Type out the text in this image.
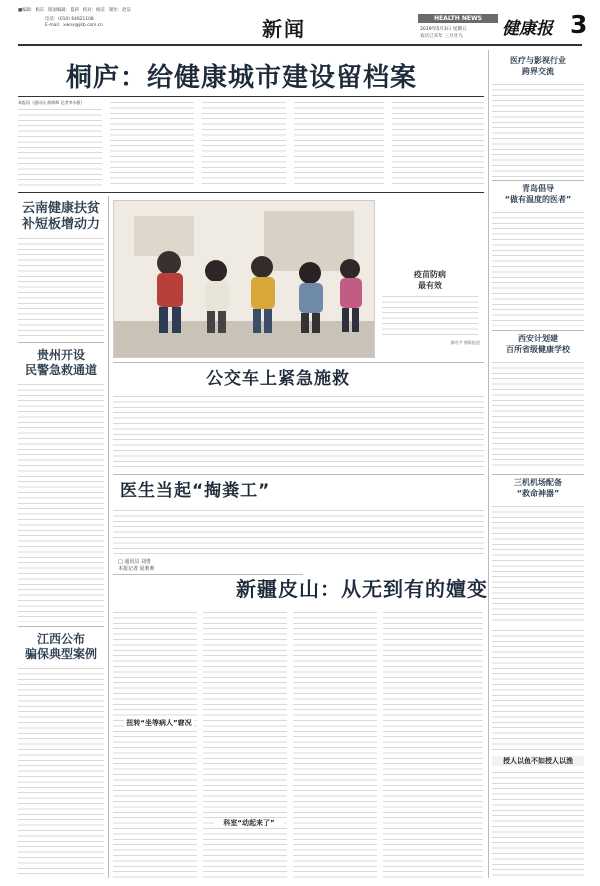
■编辑：杨东 版面编辑：夏莉 校对：杨洁 制作：赵洁
电话：(010) 64621108
E-mail：xwnx@jkb.com.cn	新闻	HEALTH NEWS
2019年5月3日 星期五
农历己亥年 三月廿九 健康报 3
桐庐：给健康城市建设留档案
本报讯（通讯员 俞辉辉 记者李水根）
云南健康扶贫
补短板增动力
贵州开设
民警急救通道
江西公布
骗保典型案例
疫苗防病
最有效
柳若芊 摄影报道
公交车上紧急施救
医生当起“掏粪工”
□ 通讯员 刘勇
本报记者 夏莉莉
新疆皮山：从无到有的嬗变
扭转“坐等病人”窘况
科室“动起来了”
医疗与影视行业
跨界交流
青岛倡导
“做有温度的医者”
西安计划建
百所省级健康学校
三机机场配备
“救命神器”
授人以鱼不如授人以渔
